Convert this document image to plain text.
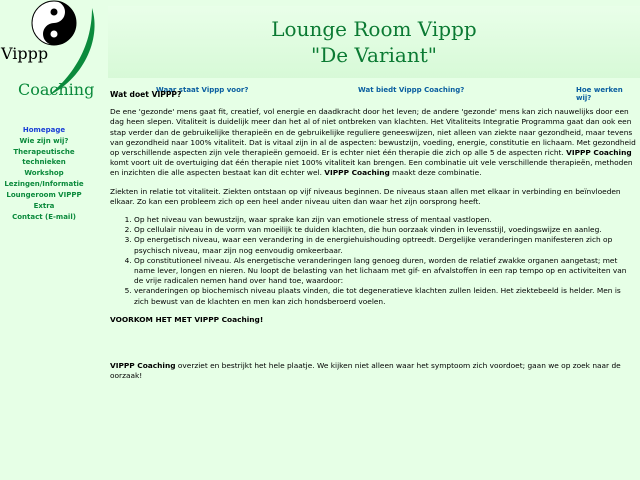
Vippp
Coaching
Homepage
Wie zijn wij?
Therapeutische technieken
Workshop
Lezingen/Informatie
Loungeroom VIPPP
Extra
Contact (E-mail)
Lounge Room Vippp
"De Variant"
Waar staat Vippp voor?	Wat biedt Vippp Coaching?	Hoe werken wij?
Wat doet VIPPP?

De ene 'gezonde' mens gaat fit, creatief, vol energie en daadkracht door het leven; de andere 'gezonde' mens kan zich nauwelijks door een dag heen slepen. Vitaliteit is duidelijk meer dan het al of niet ontbreken van klachten. Het Vitaliteits Integratie Programma gaat dan ook een stap verder dan de gebruikelijke therapieën en de gebruikelijke reguliere geneeswijzen, niet alleen van ziekte naar gezondheid, maar tevens van gezondheid naar 100% vitaliteit. Dat is vitaal zijn in al de aspecten: bewustzijn, voeding, energie, constitutie en lichaam. Met gezondheid op verschillende aspecten zijn vele therapieën gemoeid. Er is echter niet één therapie die zich op alle 5 de aspecten richt. VIPPP Coaching komt voort uit de overtuiging dat één therapie niet 100% vitaliteit kan brengen. Een combinatie uit vele verschillende therapieën, methoden en inzichten die alle aspecten bestaat kan dit echter wel. VIPPP Coaching maakt deze combinatie.

Ziekten in relatie tot vitaliteit. Ziekten ontstaan op vijf niveaus beginnen. De niveaus staan allen met elkaar in verbinding en beïnvloeden elkaar. Zo kan een probleem zich op een heel ander niveau uiten dan waar het zijn oorsprong heeft.

1. Op het niveau van bewustzijn, waar sprake kan zijn van emotionele stress of mentaal vastlopen.
2. Op cellulair niveau in de vorm van moeilijk te duiden klachten, die hun oorzaak vinden in levensstijl, voedingswijze en aanleg.
3. Op energetisch niveau, waar een verandering in de energiehuishouding optreedt. Dergelijke veranderingen manifesteren zich op psychisch niveau, maar zijn nog eenvoudig omkeerbaar.
4. Op constitutioneel niveau. Als energetische veranderingen lang genoeg duren, worden de relatief zwakke organen aangetast; met name lever, longen en nieren. Nu loopt de belasting van het lichaam met gif- en afvalstoffen in een rap tempo op en activiteiten van de vrije radicalen nemen hand over hand toe, waardoor:
5. veranderingen op biochemisch niveau plaats vinden, die tot degeneratieve klachten zullen leiden. Het ziektebeeld is helder. Men is zich bewust van de klachten en men kan zich hondsberoerd voelen.
VOORKOM HET MET VIPPP Coaching!

VIPPP Coaching overziet en bestrijkt het hele plaatje. We kijken niet alleen waar het symptoom zich voordoet; gaan we op zoek naar de oorzaak!
